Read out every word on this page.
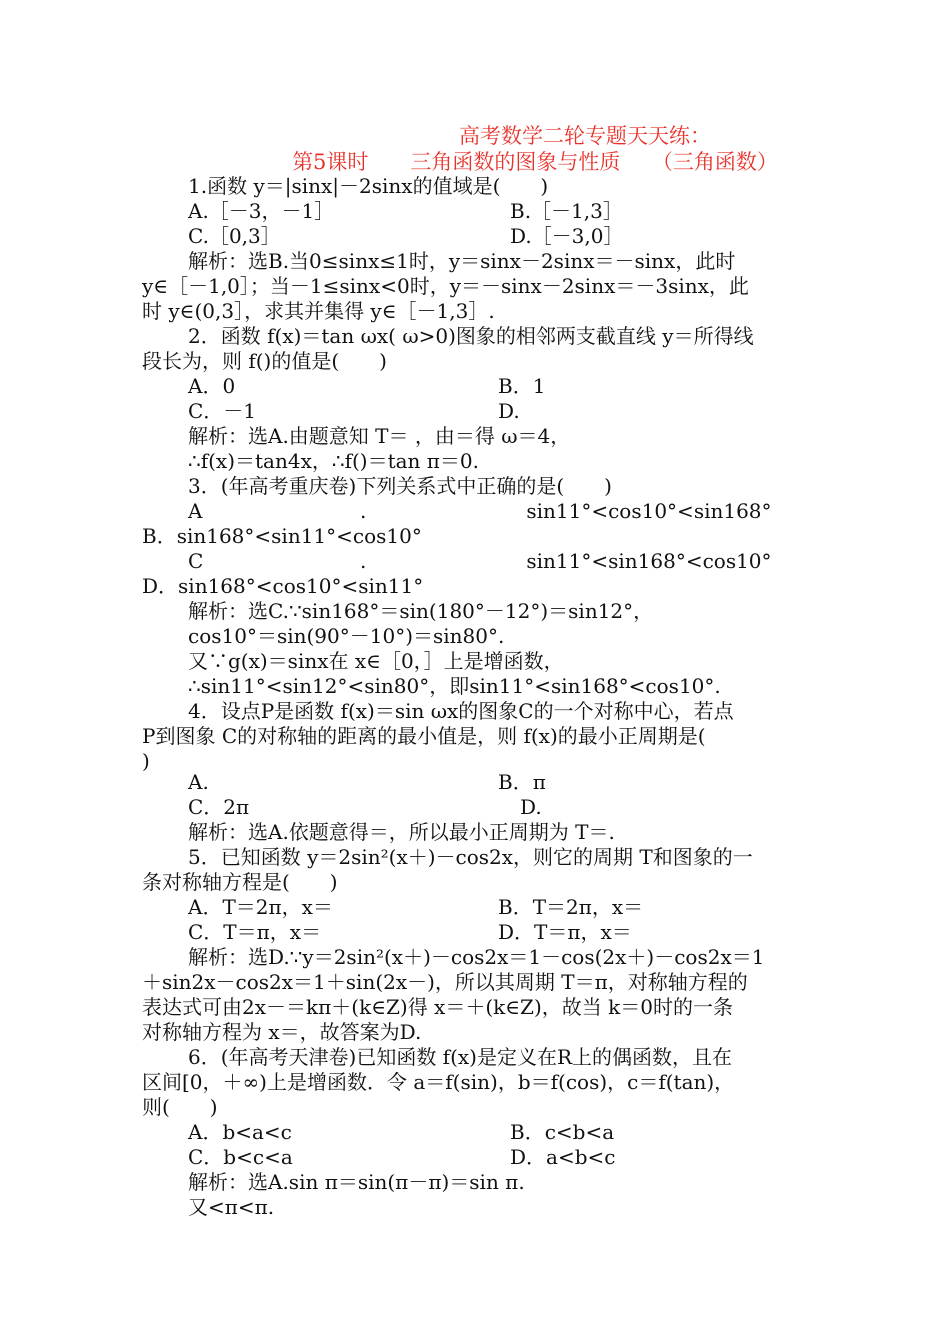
高考数学二轮专题天天练：
第5课时　　三角函数的图象与性质　　（三角函数）
1.函数 y＝|sinx|－2sinx的值域是(　　)
A.［－3，－1］	B.［－1,3］
C.［0,3］	D.［－3,0］
解析：选B.当0≤sinx≤1时，y＝sinx－2sinx＝－sinx，此时
y∈［－1,0］；当－1≤sinx<0时，y＝－sinx－2sinx＝－3sinx，此
时 y∈(0,3］，求其并集得 y∈［－1,3］.
2．函数 f(x)＝tan ωx( ω>0)图象的相邻两支截直线 y＝所得线
段长为，则 f()的值是(　　)
A．0	B．1
C．－1	D.
解析：选A.由题意知 T＝ ，由＝得 ω＝4，
∴f(x)＝tan4x，∴f()＝tan π＝0.
3．(年高考重庆卷)下列关系式中正确的是(　　)
A	.　　　　　　　　sin11°<cos10°<sin168°
B．sin168°<sin11°<cos10°
C	.　　　　　　　　sin11°<sin168°<cos10°
D．sin168°<cos10°<sin11°
解析：选C.∵sin168°＝sin(180°－12°)＝sin12°，
cos10°＝sin(90°－10°)＝sin80°.
又∵g(x)＝sinx在 x∈［0，］上是增函数，
∴sin11°<sin12°<sin80°，即sin11°<sin168°<cos10°.
4．设点P是函数 f(x)＝sin ωx的图象C的一个对称中心，若点
P到图象 C的对称轴的距离的最小值是，则 f(x)的最小正周期是(
)
A.	B．π
C．2π	D.
解析：选A.依题意得＝，所以最小正周期为 T＝.
5．已知函数 y＝2sin²(x＋)－cos2x，则它的周期 T和图象的一
条对称轴方程是(　　)
A．T＝2π，x＝	B．T＝2π，x＝
C．T＝π，x＝	D．T＝π，x＝
解析：选D.∵y＝2sin²(x＋)－cos2x＝1－cos(2x＋)－cos2x＝1
＋sin2x－cos2x＝1＋sin(2x－)，所以其周期 T＝π，对称轴方程的
表达式可由2x－＝kπ＋(k∈Z)得 x＝＋(k∈Z)，故当 k＝0时的一条
对称轴方程为 x＝，故答案为D.
6．(年高考天津卷)已知函数 f(x)是定义在R上的偶函数，且在
区间[0，＋∞)上是增函数．令 a＝f(sin)，b＝f(cos)，c＝f(tan)，
则(　　)
A．b<a<c	B．c<b<a
C．b<c<a	D．a<b<c
解析：选A.sin π＝sin(π－π)＝sin π.
又<π<π.
